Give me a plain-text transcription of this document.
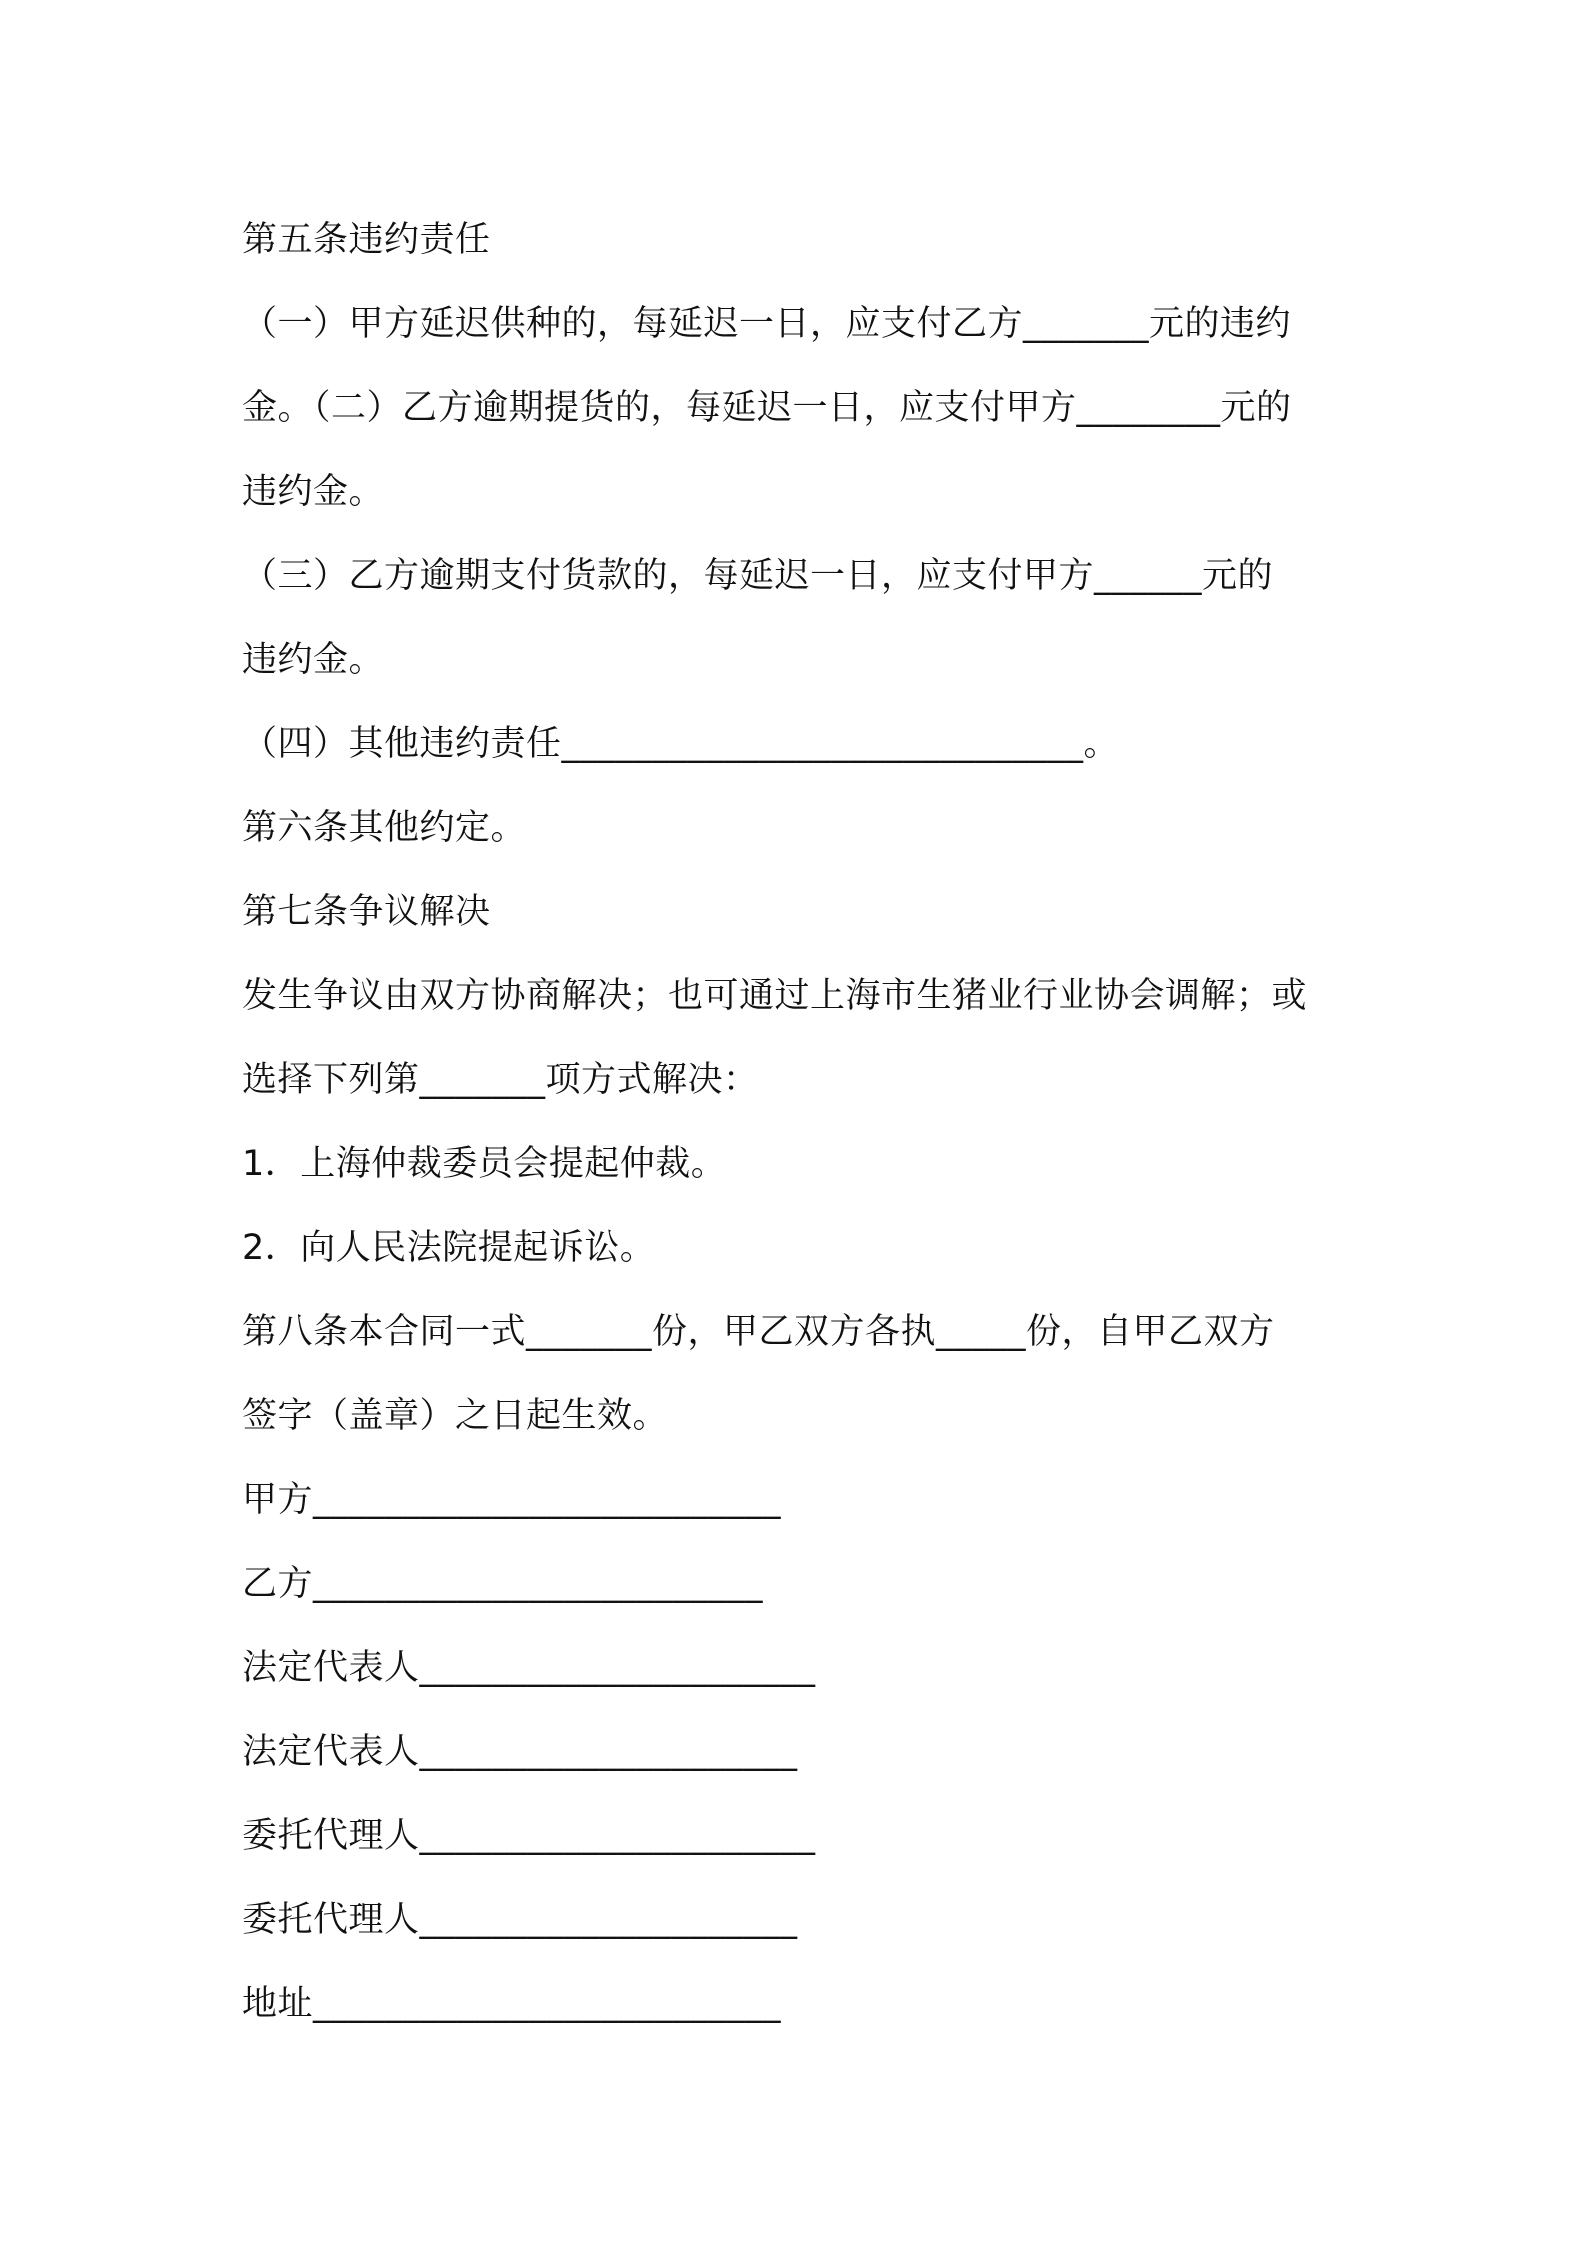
第五条违约责任
（一）甲方延迟供种的，每延迟一日，应支付乙方_______元的违约
金。（二）乙方逾期提货的，每延迟一日，应支付甲方________元的
违约金。
（三）乙方逾期支付货款的，每延迟一日，应支付甲方______元的
违约金。
（四）其他违约责任_____________________________。
第六条其他约定。
第七条争议解决
发生争议由双方协商解决；也可通过上海市生猪业行业协会调解；或
选择下列第_______项方式解决：
1．上海仲裁委员会提起仲裁。
2．向人民法院提起诉讼。
第八条本合同一式_______份，甲乙双方各执_____份，自甲乙双方
签字（盖章）之日起生效。
甲方__________________________
乙方_________________________
法定代表人______________________
法定代表人_____________________
委托代理人______________________
委托代理人_____________________
地址__________________________
